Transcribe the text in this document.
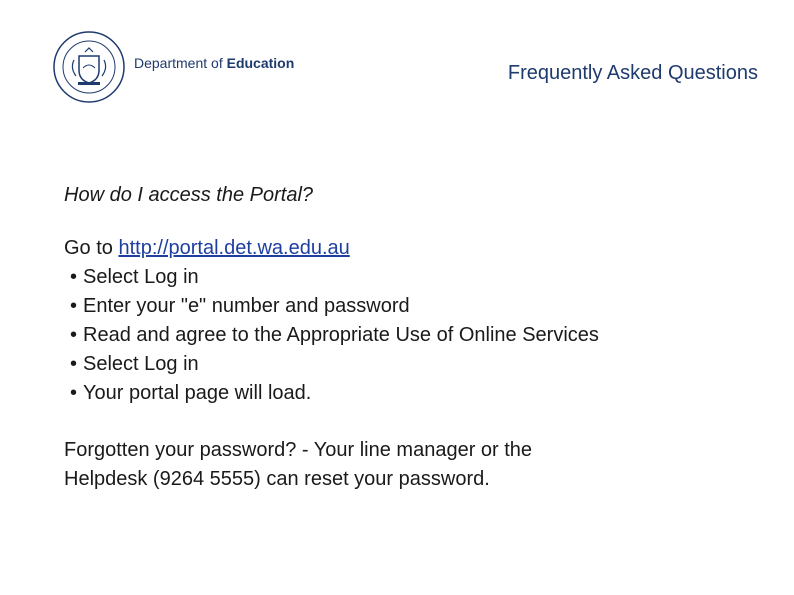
Department of Education	Frequently Asked Questions
How do I access the Portal?
Go to http://portal.det.wa.edu.au
• Select Log in
• Enter your "e" number and password
• Read and agree to the Appropriate Use of Online Services
• Select Log in
• Your portal page will load.
Forgotten your password? - Your line manager or the
Helpdesk (9264 5555) can reset your password.
